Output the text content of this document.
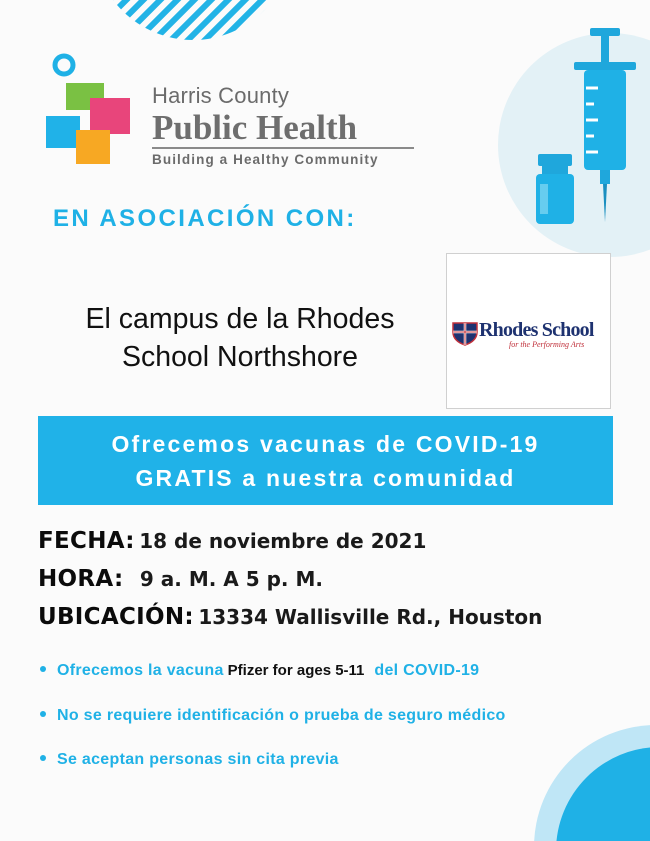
Harris County
Public Health
Building a Healthy Community
EN ASOCIACIÓN CON:
El campus de la Rhodes
School Northshore
Rhodes School
for the Performing Arts
Ofrecemos vacunas de COVID-19
GRATIS a nuestra comunidad
FECHA: 18 de noviembre de 2021
HORA: 9 a. M. A 5 p. M.
UBICACIÓN: 13334 Wallisville Rd., Houston
Ofrecemos la vacuna Pfizer for ages 5-11 del COVID-19
No se requiere identificación o prueba de seguro médico
Se aceptan personas sin cita previa
